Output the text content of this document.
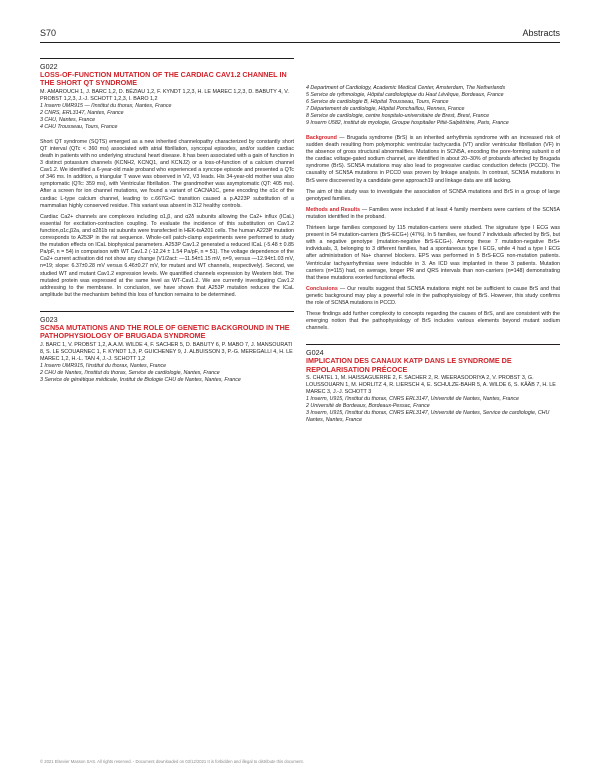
S70	Abstracts
G022
LOSS-OF-FUNCTION MUTATION OF THE CARDIAC CAV1.2 CHANNEL IN THE SHORT QT SYNDROME
M. AMAROUCH 1, J. BARC 1,2, D. BÉZIAU 1,2, F. KYNDT 1,2,3, H. LE MAREC 1,2,3, D. BABUTY 4, V. PROBST 1,2,3, J.-J. SCHOTT 1,2,3, I. BARO 1,2
1 Inserm UMR915 — l'institut du thorax, Nantes, France
2 CNRS, ERL3147, Nantes, France
3 CHU, Nantes, France
4 CHU Trousseau, Tours, France

Short QT syndrome (SQTS) emerged as a new inherited channelopathy characterized by constantly short QT interval (QTc < 360 ms) associated with atrial fibrillation, syncopal episodes, and/or sudden cardiac death in patients with no underlying structural heart disease. It has been associated with a gain of function in 3 distinct potassium channels (KCNH2, KCNQ1, and KCNJ2) or a loss-of-function of a calcium channel Cav1.2. We identified a 6-year-old male proband who experienced a syncope episode and presented a QTc of 346 ms. In addition, a triangular T wave was observed in V2, V3 leads. His 34-year-old mother was also symptomatic (QTc: 359 ms), with Ventricular fibrillation. The grandmother was asymptomatic (QT: 405 ms). After a screen for ion channel mutations, we found a variant of CACNA1C, gene encoding the α1c of the cardiac L-type calcium channel, leading to c.667G>C transition caused a p.A223P substitution of a mammalian highly conserved residue. This variant was absent in 312 healthy controls.

Cardiac Ca2+ channels are complexes including α1,β, and α2δ subunits allowing the Ca2+ influx (ICaL) essential for excitation-contraction coupling. To evaluate the incidence of this substitution on Cav1.2 function,α1c,β2a, and α2δ1b rat subunits were transfected in HEK-tsA201 cells. The human A223P mutation corresponds to A253P in the rat sequence. Whole-cell patch-clamp experiments were performed to study the mutation effects on ICaL biophysical parameters. A253P Cav1.2 generated a reduced ICaL (-5.48 ± 0.85 Pa/pF, n = 54) in comparison with WT Cav1.2 (-12.24 ± 1.54 Pa/pF, n = 51). The voltage dependence of the Ca2+ current activation did not show any change (V1/2act: —11.54±1.15 mV, n=9, versus —12.94±1.03 mV, n=19; slope: 6.37±0.28 mV versus 6.46±0.27 mV, for mutant and WT channels, respectively). Second, we studied WT and mutant Cav1.2 expression levels. We quantified channels expression by Western blot. The mutated protein was expressed at the same level as WT-Cav1.2. We are currently investigating Cav1.2 addressing to the membrane. In conclusion, we have shown that A253P mutation reduces the ICaL amplitude but the mechanism behind this loss of function remains to be determined.

G023
SCN5A MUTATIONS AND THE ROLE OF GENETIC BACKGROUND IN THE PATHOPHYSIOLOGY OF BRUGADA SYNDROME
J. BARC 1, V. PROBST 1,2, A.A.M. WILDE 4, F. SACHER 5, D. BABUTY 6, P. MABO 7, J. MANSOURATI 8, S. LE SCOUARNEC 1, F. KYNDT 1,3, P. GUICHENEY 9, J. ALBUISSON 3, P.-G. MEREGALLI 4, H. LE MAREC 1,2, H.-L. TAN 4, J.-J. SCHOTT 1,2
1 Inserm UMR915, l'institut du thorax, Nantes, France
2 CHU de Nantes, l'institut du thorax, Service de cardiologie, Nantes, France
3 Service de génétique médicale, Institut de Biologie CHU de Nantes, Nantes, France
4 Department of Cardiology, Academic Medical Center, Amsterdam, The Netherlands
5 Service de rythmologie, Hôpital cardiologique du Haut Lévêque, Bordeaux, France
6 Service de cardiologie B, Hôpital Trousseau, Tours, France
7 Département de cardiologie, Hôpital Ponchaillou, Rennes, France
8 Service de cardiologie, centre hospitalo-universitaire de Brest, Brest, France
9 Inserm U582, institut de myologie, Groupe hospitalier Pitié-Salpêtrière, Paris, France

Background — Brugada syndrome (BrS) is an inherited arrhythmia syndrome with an increased risk of sudden death resulting from polymorphic ventricular tachycardia (VT) and/or ventricular fibrillation (VF) in the absence of gross structural abnormalities. Mutations in SCN5A, encoding the pore-forming subunit α of the cardiac voltage-gated sodium channel, are identified in about 20–30% of probands affected by Brugada syndrome (BrS). SCN5A mutations may also lead to progressive cardiac conduction defects (PCCD). The causality of SCN5A mutations in PCCD was proven by linkage analysis. In contrast, SCN5A mutations in BrS were discovered by a candidate gene approach19 and linkage data are still lacking.

The aim of this study was to investigate the association of SCN5A mutations and BrS in a group of large genotyped families.

Methods and Results — Families were included if at least 4 family members were carriers of the SCN5A mutation identified in the proband.

Thirteen large families composed by 115 mutation-carriers were studied. The signature type I ECG was present in 54 mutation-carriers (BrS-ECG+) (47%). In 5 families, we found 7 individuals affected by BrS, but with a negative genotype (mutation-negative BrS-ECG+). Among these 7 mutation-negative BrS+ individuals, 3, belonging to 3 different families, had a spontaneous type I ECG, while 4 had a type I ECG after administration of Na+ channel blockers. EPS was performed in 5 BrS-ECG non-mutation patients. Ventricular tachyarrhythmias were inducible in 3. An ICD was implanted in these 3 patients. Mutation carriers (n=115) had, on average, longer PR and QRS intervals than non-carriers (n=148) demonstrating that these mutations exerted functional effects.

Conclusions — Our results suggest that SCN5A mutations might not be sufficient to cause BrS and that genetic background may play a powerful role in the pathophysiology of BrS. However, this study confirms the role of SCN5A mutations in PCCD.

These findings add further complexity to concepts regarding the causes of BrS, and are consistent with the emerging notion that the pathophysiology of BrS includes various elements beyond mutant sodium channels.

G024
IMPLICATION DES CANAUX KATP DANS LE SYNDROME DE REPOLARISATION PRÉCOCE
S. CHATEL 1, M. HAISSAGUERRE 2, F. SACHER 2, R. WEERASOORIYA 2, V. PROBST 3, G. LOUSSOUARN 1, M. HORLITZ 4, R. LIERSCH 4, E. SCHULZE-BAHR 5, A. WILDE 6, S. KÄÄB 7, H. LE MAREC 3, J.-J. SCHOTT 3
1 Inserm, U915, l'institut du thorax, CNRS ERL3147, Université de Nantes, Nantes, France
2 Université de Bordeaux, Bordeaux-Pessac, France
3 Inserm, U915, l'institut du thorax, CNRS ERL3147, Université de Nantes, Service de cardiologie, CHU Nantes, Nantes, France
© 2021 Elsevier Masson SAS. All rights reserved. - Document downloaded on 03/12/2021 It is forbidden and illegal to distribute this document.
